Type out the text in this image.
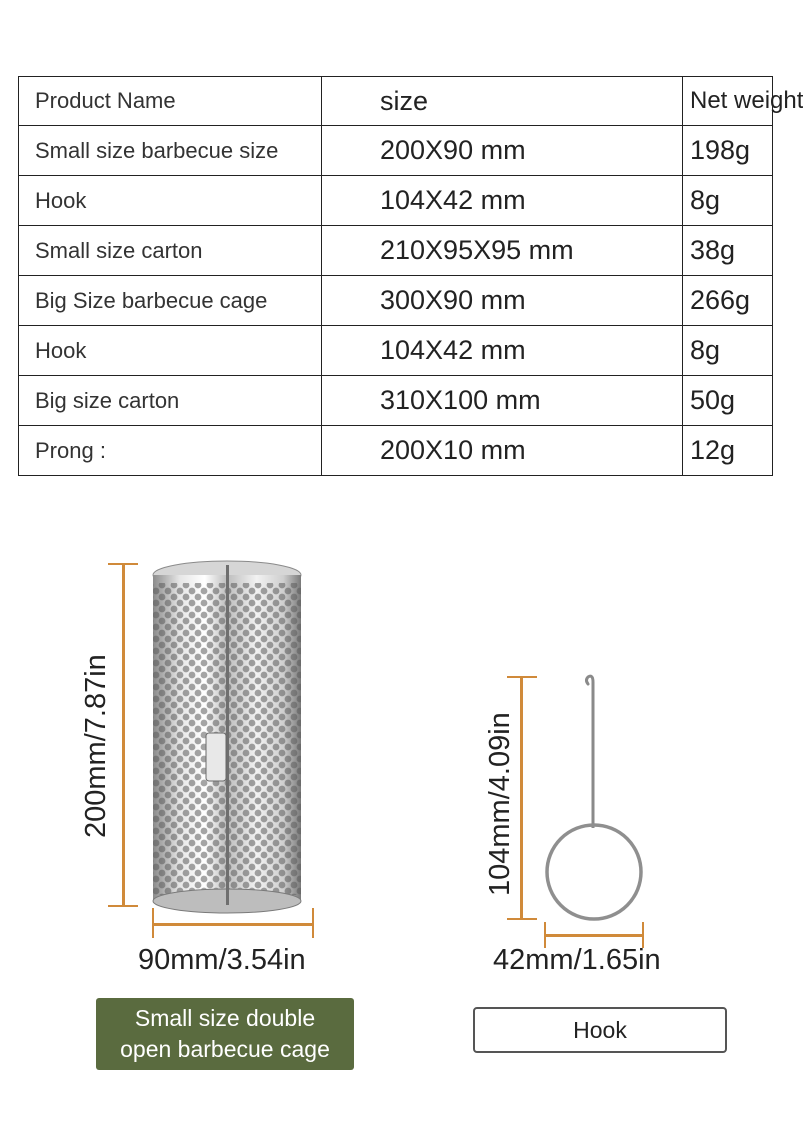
Product Name	size	Net weight
Small size barbecue size	200X90 mm	198g
Hook	104X42 mm	8g
Small size carton	210X95X95 mm	38g
Big Size barbecue cage	300X90 mm	266g
Hook	104X42 mm	8g
Big size carton	310X100 mm	50g
Prong :	200X10 mm	12g
200mm/7.87in
90mm/3.54in
104mm/4.09in
42mm/1.65in
Small size double
open barbecue cage
Hook
